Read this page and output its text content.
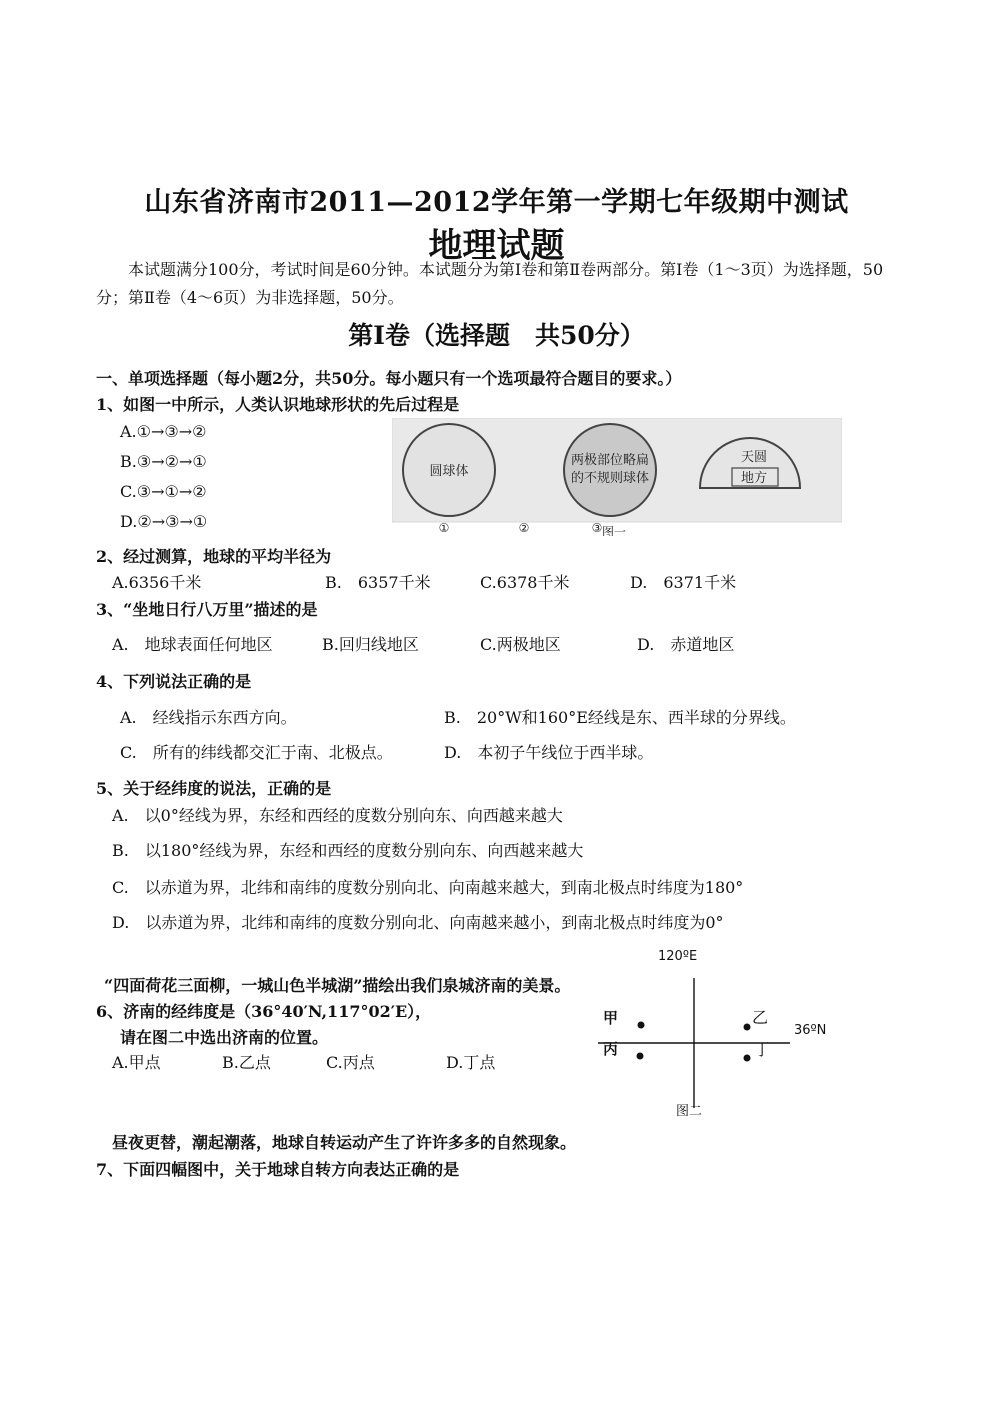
山东省济南市2011—2012学年第一学期七年级期中测试
地理试题
本试题满分100分，考试时间是60分钟。本试题分为第Ⅰ卷和第Ⅱ卷两部分。第Ⅰ卷（1～3页）为选择题，50分；第Ⅱ卷（4～6页）为非选择题，50分。
第Ⅰ卷（选择题　共50分）
一、单项选择题（每小题2分，共50分。每小题只有一个选项最符合题目的要求。）
1、如图一中所示，人类认识地球形状的先后过程是
A.①→③→②
B.③→②→①
C.③→①→②
D.②→③→①
圆球体
两极部位略扁
的不规则球体
天圆
地方
①	②	③ 图一
2、经过测算，地球的平均半径为
A.6356千米	B.　6357千米	C.6378千米	D.　6371千米
3、“坐地日行八万里”描述的是
A.　地球表面任何地区	B.回归线地区	C.两极地区	D.　赤道地区
4、下列说法正确的是
A.　经线指示东西方向。	B.　20°W和160°E经线是东、西半球的分界线。
C.　所有的纬线都交汇于南、北极点。	D.　本初子午线位于西半球。
5、关于经纬度的说法，正确的是
A.　以0°经线为界，东经和西经的度数分别向东、向西越来越大
B.　以180°经线为界，东经和西经的度数分别向东、向西越来越大
C.　以赤道为界，北纬和南纬的度数分别向北、向南越来越大，到南北极点时纬度为180°
D.　以赤道为界，北纬和南纬的度数分别向北、向南越来越小，到南北极点时纬度为0°
“四面荷花三面柳，一城山色半城湖”描绘出我们泉城济南的美景。
6、济南的经纬度是（36°40′N,117°02′E），
请在图二中选出济南的位置。
A.甲点	B.乙点	C.丙点	D.丁点
120ºE
36ºN
甲	乙
丙	丁
图二
昼夜更替，潮起潮落，地球自转运动产生了许许多多的自然现象。
7、下面四幅图中，关于地球自转方向表达正确的是
